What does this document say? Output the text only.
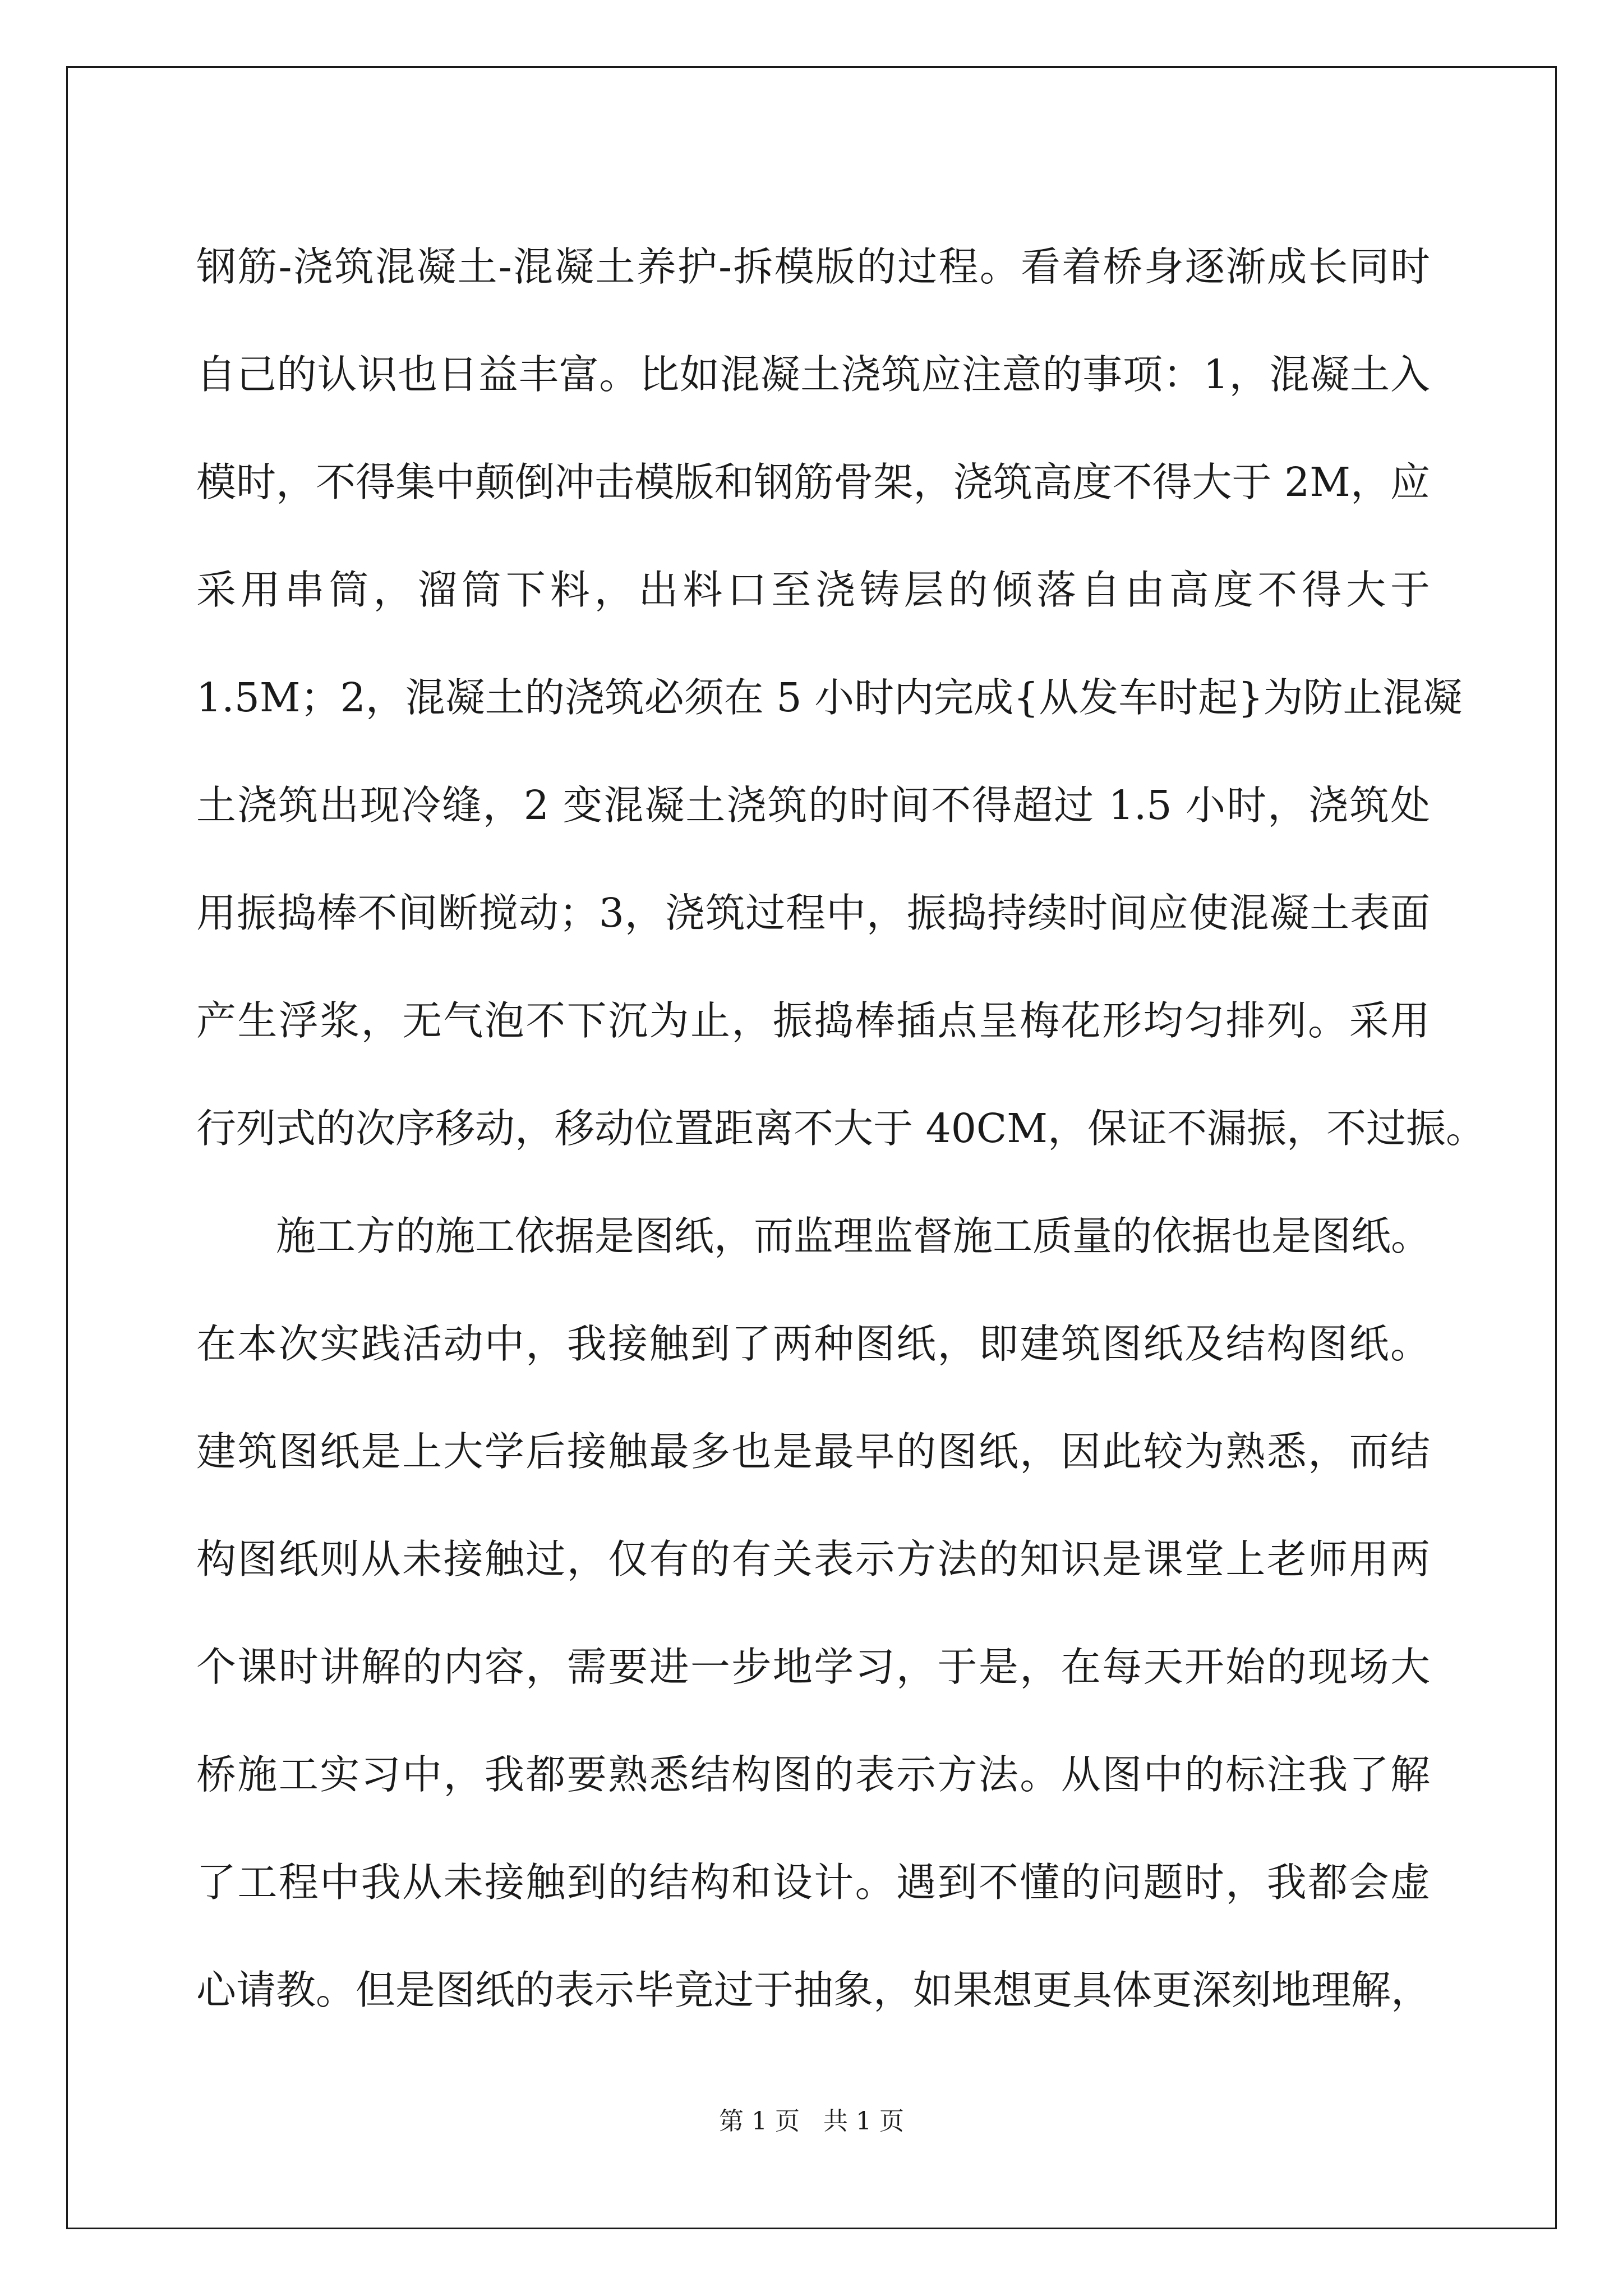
钢筋-浇筑混凝土-混凝土养护-拆模版的过程。看着桥身逐渐成长同时
自己的认识也日益丰富。比如混凝土浇筑应注意的事项：1，混凝土入
模时，不得集中颠倒冲击模版和钢筋骨架，浇筑高度不得大于 2M，应
采用串筒，溜筒下料，出料口至浇铸层的倾落自由高度不得大于
1.5M；2，混凝土的浇筑必须在 5 小时内完成{从发车时起}为防止混凝
土浇筑出现冷缝，2 变混凝土浇筑的时间不得超过 1.5 小时，浇筑处
用振捣棒不间断搅动；3，浇筑过程中，振捣持续时间应使混凝土表面
产生浮浆，无气泡不下沉为止，振捣棒插点呈梅花形均匀排列。采用
行列式的次序移动，移动位置距离不大于 40CM，保证不漏振，不过振。
施工方的施工依据是图纸，而监理监督施工质量的依据也是图纸。
在本次实践活动中，我接触到了两种图纸，即建筑图纸及结构图纸。
建筑图纸是上大学后接触最多也是最早的图纸，因此较为熟悉，而结
构图纸则从未接触过，仅有的有关表示方法的知识是课堂上老师用两
个课时讲解的内容，需要进一步地学习，于是，在每天开始的现场大
桥施工实习中，我都要熟悉结构图的表示方法。从图中的标注我了解
了工程中我从未接触到的结构和设计。遇到不懂的问题时，我都会虚
心请教。但是图纸的表示毕竟过于抽象，如果想更具体更深刻地理解，
第 1 页   共 1 页
